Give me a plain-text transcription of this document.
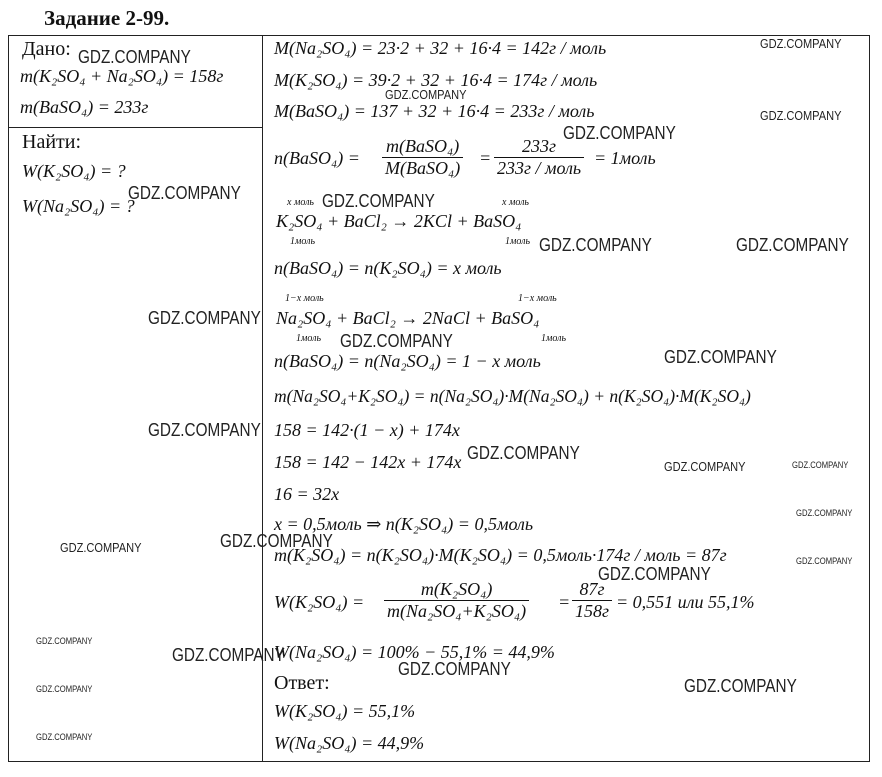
Задание 2-99.
Дано:
m(K₂SO₄ + Na₂SO₄) = 158г
m(BaSO₄) = 233г
Найти:
W(K₂SO₄) = ?
W(Na₂SO₄) = ?
M(Na₂SO₄) = 23·2 + 32 + 16·4 = 142г / моль
M(K₂SO₄) = 39·2 + 32 + 16·4 = 174г / моль
M(BaSO₄) = 137 + 32 + 16·4 = 233г / моль
n(BaSO₄) =
m(BaSO₄)
M(BaSO₄) =
233г
233г / моль = 1моль
x моль	x моль
K₂SO₄ + BaCl₂ → 2KCl + BaSO₄
1моль	1моль
n(BaSO₄) = n(K₂SO₄) = x моль
1−x моль	1−x моль
Na₂SO₄ + BaCl₂ → 2NaCl + BaSO₄
1моль	1моль
n(BaSO₄) = n(Na₂SO₄) = 1 − x моль
m(Na₂SO₄+K₂SO₄) = n(Na₂SO₄)·M(Na₂SO₄) + n(K₂SO₄)·M(K₂SO₄)
158 = 142·(1 − x) + 174x
158 = 142 − 142x + 174x
16 = 32x
x = 0,5моль ⇒ n(K₂SO₄) = 0,5моль
m(K₂SO₄) = n(K₂SO₄)·M(K₂SO₄) = 0,5моль·174г / моль = 87г
$W(K_2SO_4) = \frac{\text{m(K₂SO₄)}}{\text{m(Na₂SO₄+K₂SO₄)}}$ =
87г
158г = 0,551 или 55,1%
W(Na₂SO₄) = 100% − 55,1% = 44,9%
Ответ:
W(K₂SO₄) = 55,1%
W(Na₂SO₄) = 44,9%
GDZ.COMPANY
GDZ.COMPANY
GDZ.COMPANY
GDZ.COMPANY
GDZ.COMPANY
GDZ.COMPANY	GDZ.COMPANY
GDZ.COMPANY	GDZ.COMPANY
GDZ.COMPANY
GDZ.COMPANY
GDZ.COMPANY
GDZ.COMPANY
GDZ.COMPANY
GDZ.COMPANY	GDZ.COMPANY
GDZ.COMPANY
GDZ.COMPANY
GDZ.COMPANY
GDZ.COMPANY
GDZ.COMPANY
GDZ.COMPANY
GDZ.COMPANY
GDZ.COMPANY
GDZ.COMPANY
GDZ.COMPANY
GDZ.COMPANY
